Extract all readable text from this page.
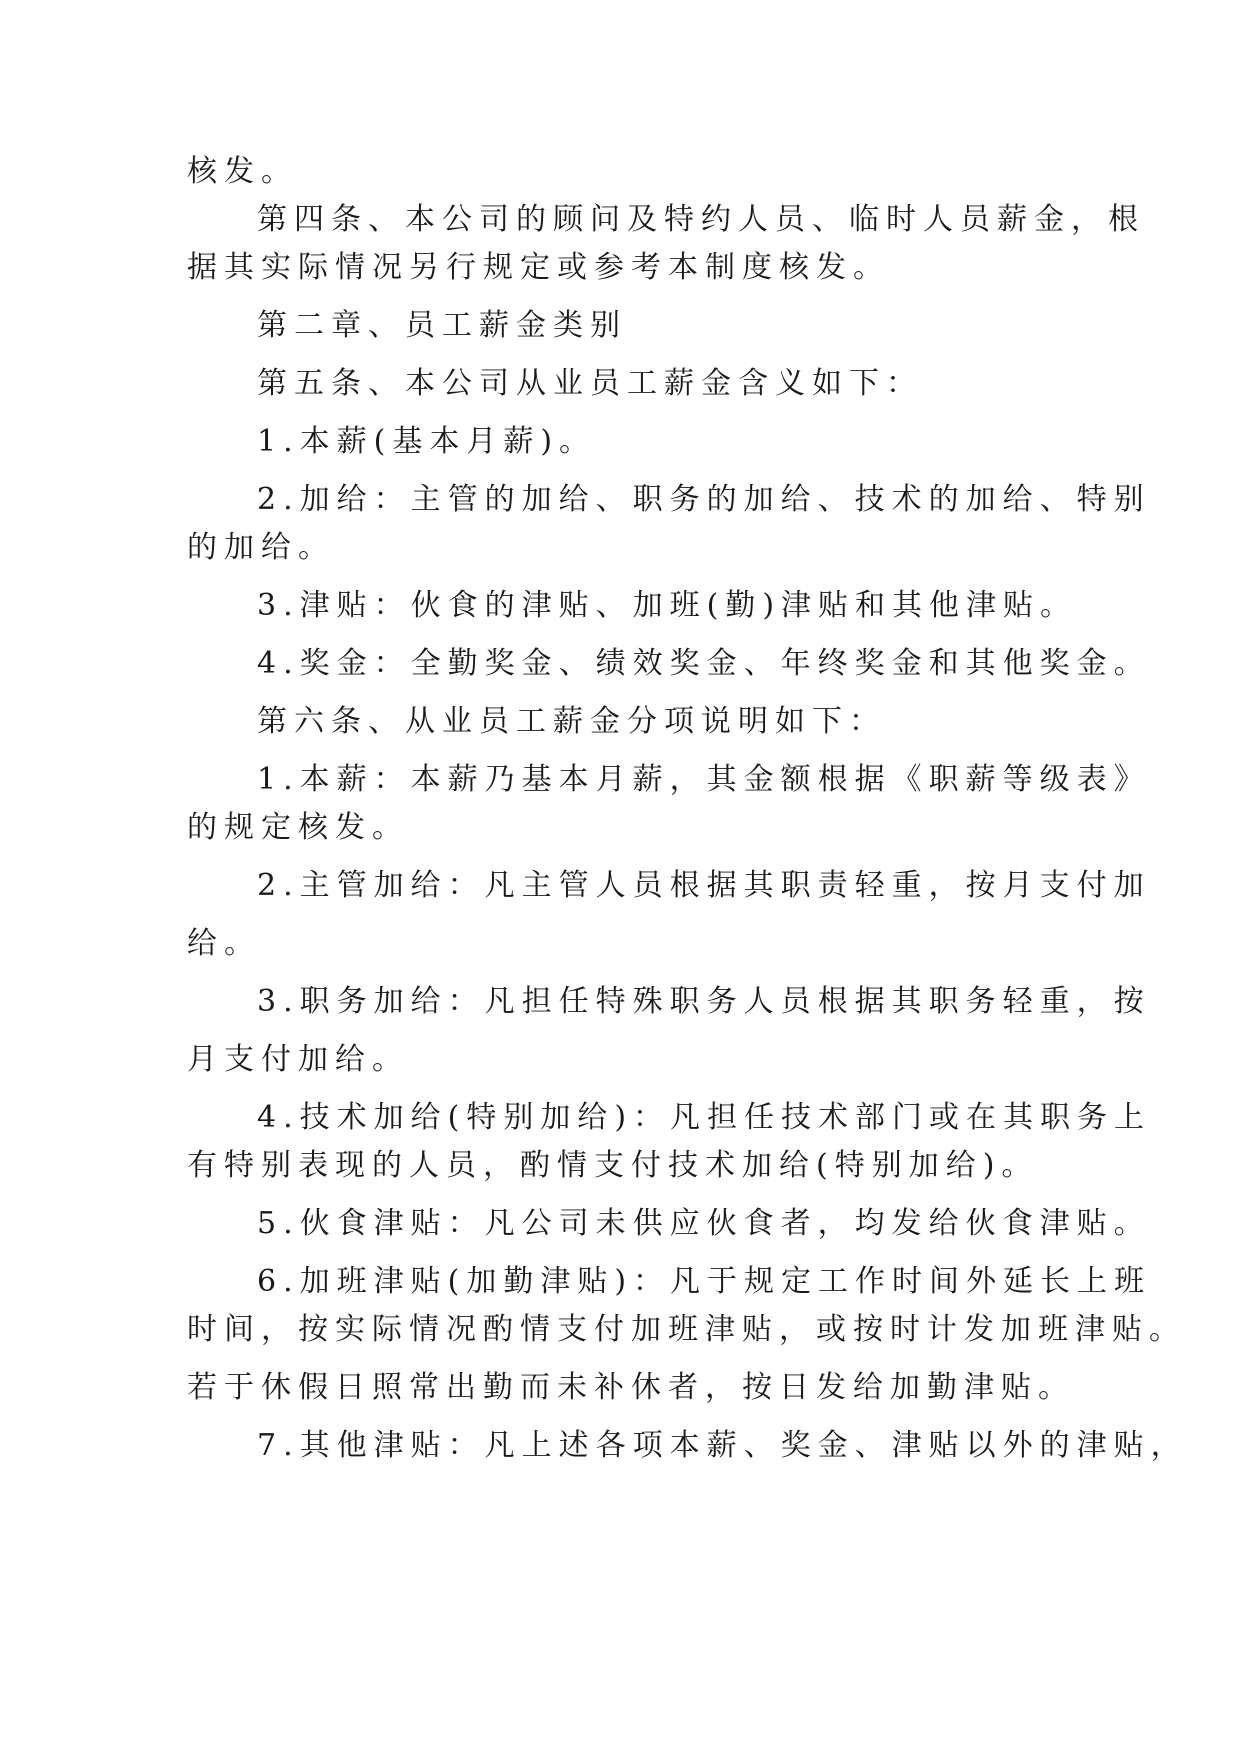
核发。

第四条、本公司的顾问及特约人员、临时人员薪金，根

据其实际情况另行规定或参考本制度核发。

第二章、员工薪金类别

第五条、本公司从业员工薪金含义如下：

1.本薪(基本月薪)。

2.加给：主管的加给、职务的加给、技术的加给、特别

的加给。

3.津贴：伙食的津贴、加班(勤)津贴和其他津贴。

4.奖金：全勤奖金、绩效奖金、年终奖金和其他奖金。

第六条、从业员工薪金分项说明如下：

1.本薪：本薪乃基本月薪，其金额根据《职薪等级表》

的规定核发。

2.主管加给：凡主管人员根据其职责轻重，按月支付加

给。

3.职务加给：凡担任特殊职务人员根据其职务轻重，按

月支付加给。

4.技术加给(特别加给)：凡担任技术部门或在其职务上

有特别表现的人员，酌情支付技术加给(特别加给)。

5.伙食津贴：凡公司未供应伙食者，均发给伙食津贴。

6.加班津贴(加勤津贴)：凡于规定工作时间外延长上班

时间，按实际情况酌情支付加班津贴，或按时计发加班津贴。

若于休假日照常出勤而未补休者，按日发给加勤津贴。

7.其他津贴：凡上述各项本薪、奖金、津贴以外的津贴，
